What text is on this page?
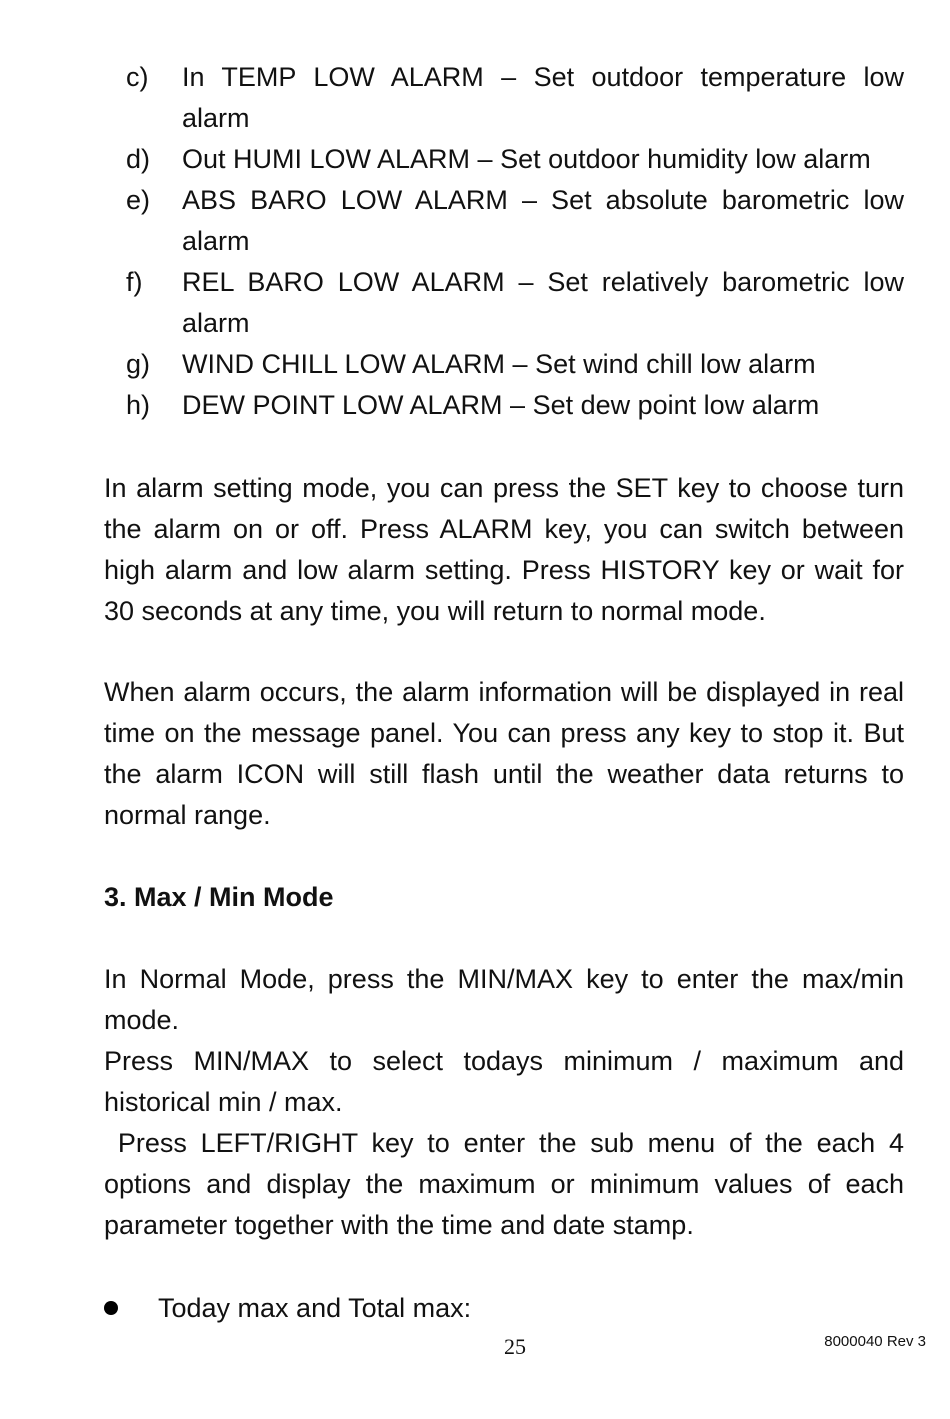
c) In TEMP LOW ALARM – Set outdoor temperature low
alarm
d) Out HUMI LOW ALARM – Set outdoor humidity low alarm
e) ABS BARO LOW ALARM – Set absolute barometric low
alarm
f) REL BARO LOW ALARM – Set relatively barometric low
alarm
g) WIND CHILL LOW ALARM – Set wind chill low alarm
h) DEW POINT LOW ALARM – Set dew point low alarm
In alarm setting mode, you can press the SET key to choose turn
the alarm on or off. Press ALARM key, you can switch between
high alarm and low alarm setting. Press HISTORY key or wait for
30 seconds at any time, you will return to normal mode.
When alarm occurs, the alarm information will be displayed in real
time on the message panel. You can press any key to stop it. But
the alarm ICON will still flash until the weather data returns to
normal range.
3. Max / Min Mode
In Normal Mode, press the MIN/MAX key to enter the max/min
mode.
Press MIN/MAX to select todays minimum / maximum and
historical min / max.
Press LEFT/RIGHT key to enter the sub menu of the each 4
options and display the maximum or minimum values of each
parameter together with the time and date stamp.
Today max and Total max:
25	8000040 Rev 3
